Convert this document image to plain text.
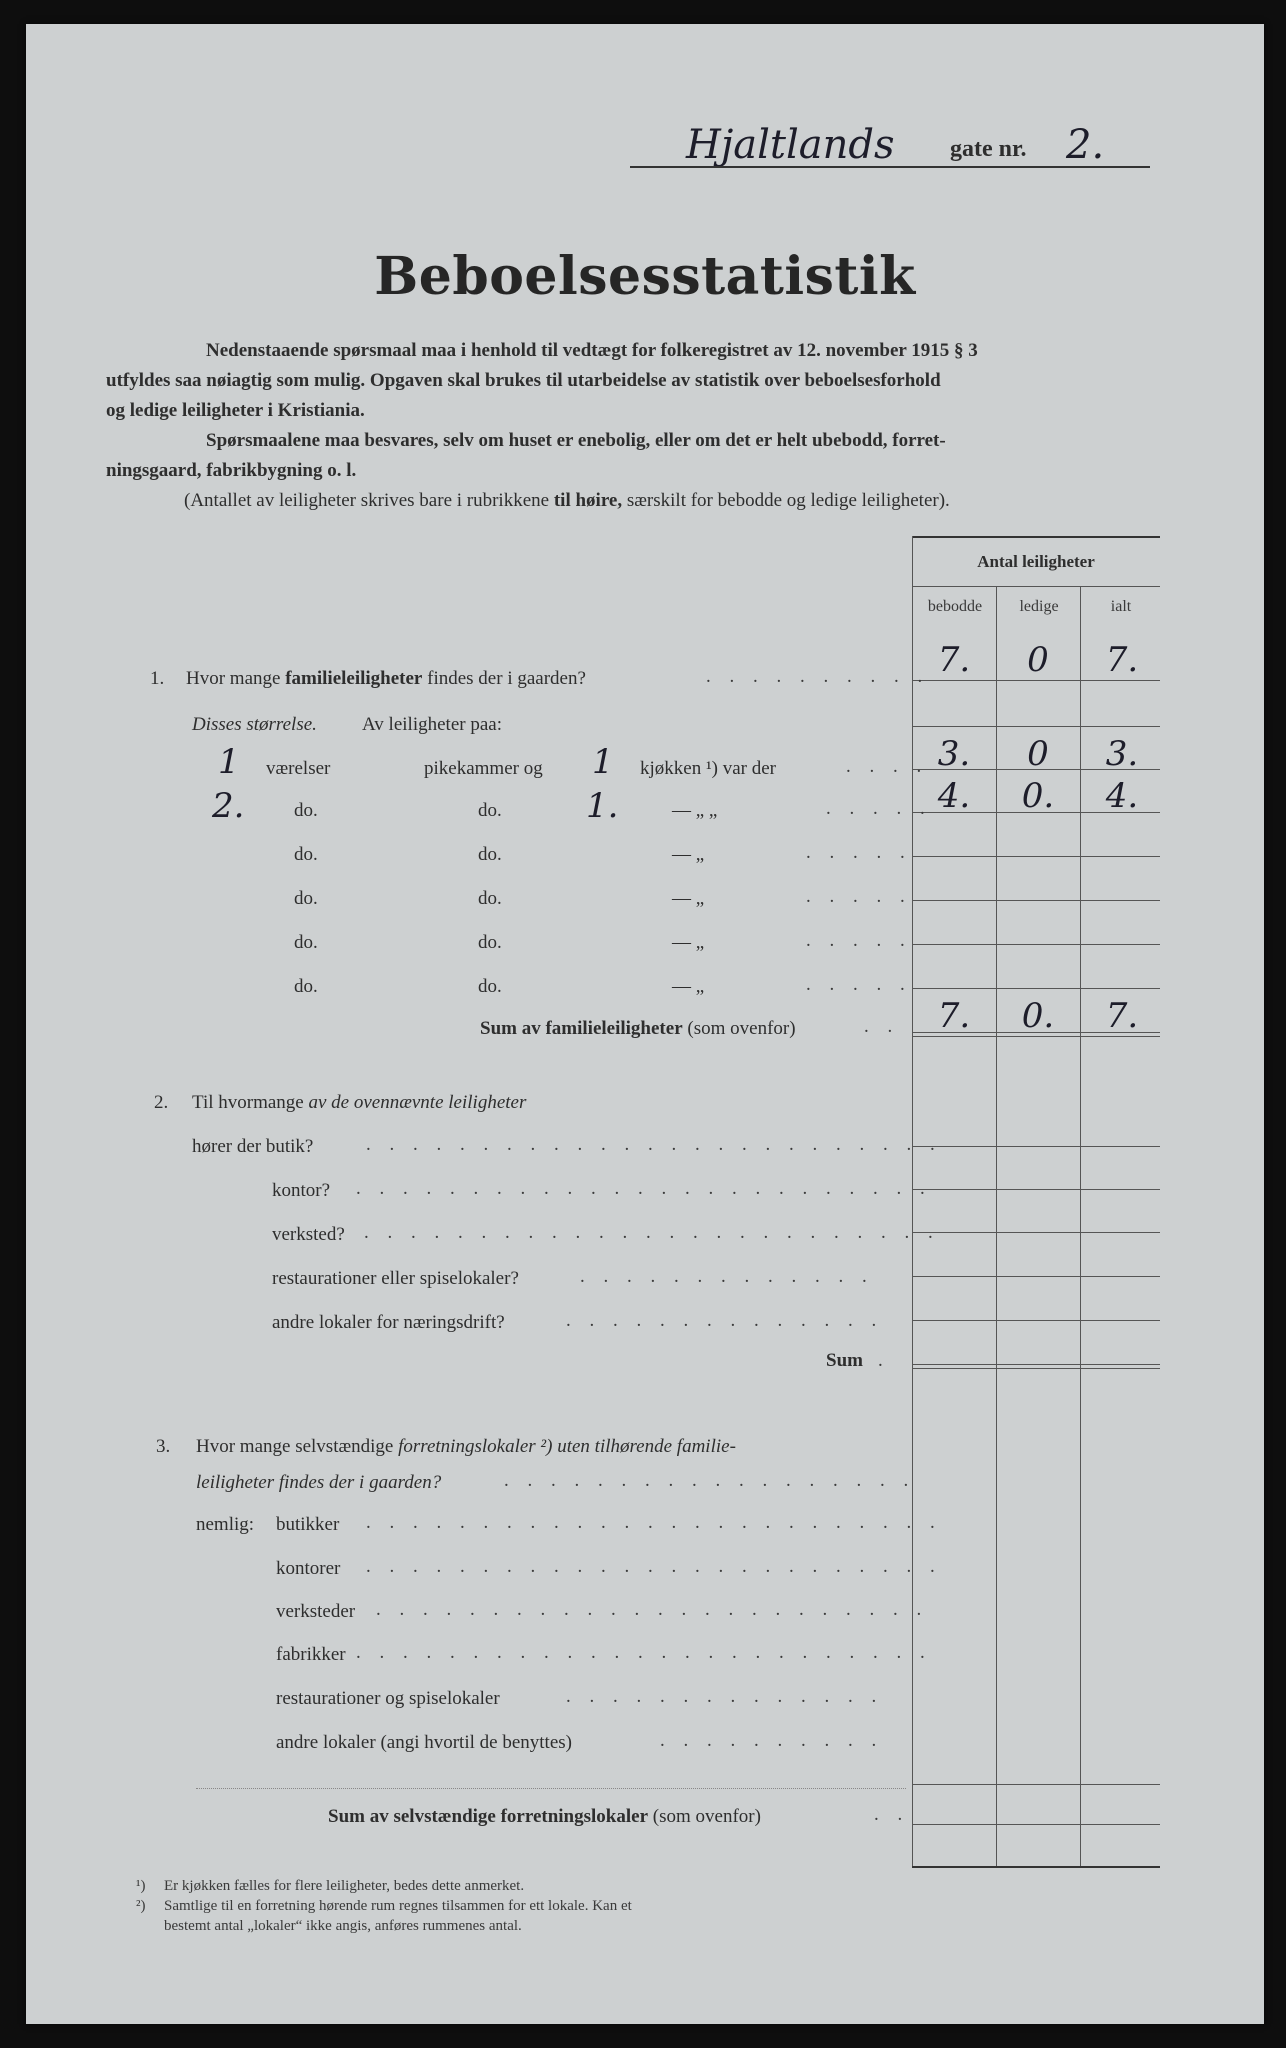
Hjaltlands gate nr. 2.
Beboelsesstatistik
Nedenstaaende spørsmaal maa i henhold til vedtægt for folkeregistret av 12. november 1915 § 3
utfyldes saa nøiagtig som mulig. Opgaven skal brukes til utarbeidelse av statistik over beboelsesforhold
og ledige leiligheter i Kristiania.
Spørsmaalene maa besvares, selv om huset er enebolig, eller om det er helt ubebodd, forret-
ningsgaard, fabrikbygning o. l.
(Antallet av leiligheter skrives bare i rubrikkene til høire, særskilt for bebodde og ledige leiligheter).
Antal leiligheter
bebodde	ledige	ialt
1. Hvor mange familieleiligheter findes der i gaarden?	. . . . . . . . . . 7.	0	7.
Disses størrelse. Av leiligheter paa:
1 værelser	pikekammer og 1 kjøkken ¹) var der	. . . . 3.	0	3.
2.	do.	do. 1.	— „ „	. . . . . 4.	0.	4.
do.	do.	— „	. . . . .
do.	do.	— „	. . . . .
do.	do.	— „	. . . . .
do.	do.	— „	. . . . .
Sum av familieleiligheter (som ovenfor)	. .	7.	0.	7.
2. Til hvormange av de ovennævnte leiligheter
hører der butik?	. . . . . . . . . . . . . . . . . . . . . . . . .
kontor? . . . . . . . . . . . . . . . . . . . . . . . . .
verksted? . . . . . . . . . . . . . . . . . . . . . . . . .
restaurationer eller spiselokaler?	. . . . . . . . . . . . .
andre lokaler for næringsdrift?	. . . . . . . . . . . . . .
Sum .
3. Hvor mange selvstændige forretningslokaler ²) uten tilhørende familie-
leiligheter findes der i gaarden?	. . . . . . . . . . . . . . . . . .
nemlig: butikker . . . . . . . . . . . . . . . . . . . . . . . . .
kontorer . . . . . . . . . . . . . . . . . . . . . . . . .
verksteder . . . . . . . . . . . . . . . . . . . . . . . .
fabrikker . . . . . . . . . . . . . . . . . . . . . . . . .
restaurationer og spiselokaler	. . . . . . . . . . . . . .
andre lokaler (angi hvortil de benyttes)	. . . . . . . . . .
Sum av selvstændige forretningslokaler (som ovenfor)	. .
¹) Er kjøkken fælles for flere leiligheter, bedes dette anmerket.
²) Samtlige til en forretning hørende rum regnes tilsammen for ett lokale. Kan et
bestemt antal „lokaler“ ikke angis, anføres rummenes antal.
